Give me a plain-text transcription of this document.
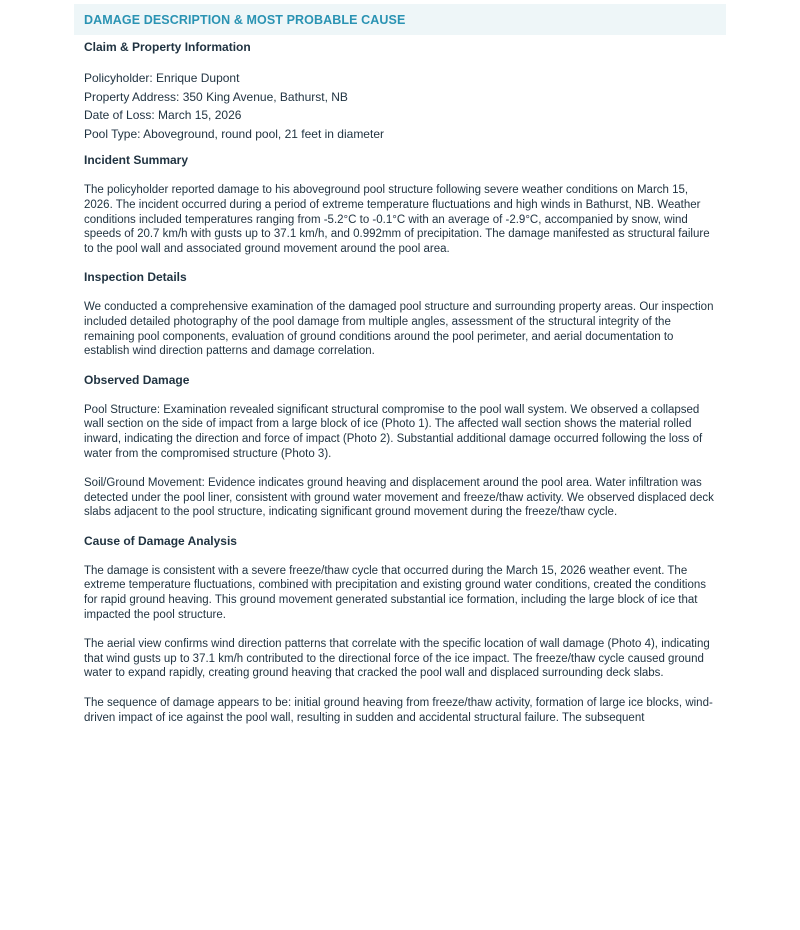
DAMAGE DESCRIPTION & MOST PROBABLE CAUSE
Claim & Property Information
Policyholder: Enrique Dupont
Property Address: 350 King Avenue, Bathurst, NB
Date of Loss: March 15, 2026
Pool Type: Aboveground, round pool, 21 feet in diameter
Incident Summary

The policyholder reported damage to his aboveground pool structure following severe weather conditions on March 15, 2026. The incident occurred during a period of extreme temperature fluctuations and high winds in Bathurst, NB. Weather conditions included temperatures ranging from -5.2°C to -0.1°C with an average of -2.9°C, accompanied by snow, wind speeds of 20.7 km/h with gusts up to 37.1 km/h, and 0.992mm of precipitation. The damage manifested as structural failure to the pool wall and associated ground movement around the pool area.

Inspection Details

We conducted a comprehensive examination of the damaged pool structure and surrounding property areas. Our inspection included detailed photography of the pool damage from multiple angles, assessment of the structural integrity of the remaining pool components, evaluation of ground conditions around the pool perimeter, and aerial documentation to establish wind direction patterns and damage correlation.

Observed Damage

Pool Structure: Examination revealed significant structural compromise to the pool wall system. We observed a collapsed wall section on the side of impact from a large block of ice (Photo 1). The affected wall section shows the material rolled inward, indicating the direction and force of impact (Photo 2). Substantial additional damage occurred following the loss of water from the compromised structure (Photo 3).

Soil/Ground Movement: Evidence indicates ground heaving and displacement around the pool area. Water infiltration was detected under the pool liner, consistent with ground water movement and freeze/thaw activity. We observed displaced deck slabs adjacent to the pool structure, indicating significant ground movement during the freeze/thaw cycle.

Cause of Damage Analysis

The damage is consistent with a severe freeze/thaw cycle that occurred during the March 15, 2026 weather event. The extreme temperature fluctuations, combined with precipitation and existing ground water conditions, created the conditions for rapid ground heaving. This ground movement generated substantial ice formation, including the large block of ice that impacted the pool structure.

The aerial view confirms wind direction patterns that correlate with the specific location of wall damage (Photo 4), indicating that wind gusts up to 37.1 km/h contributed to the directional force of the ice impact. The freeze/thaw cycle caused ground water to expand rapidly, creating ground heaving that cracked the pool wall and displaced surrounding deck slabs.

The sequence of damage appears to be: initial ground heaving from freeze/thaw activity, formation of large ice blocks, wind-driven impact of ice against the pool wall, resulting in sudden and accidental structural failure. The subsequent
